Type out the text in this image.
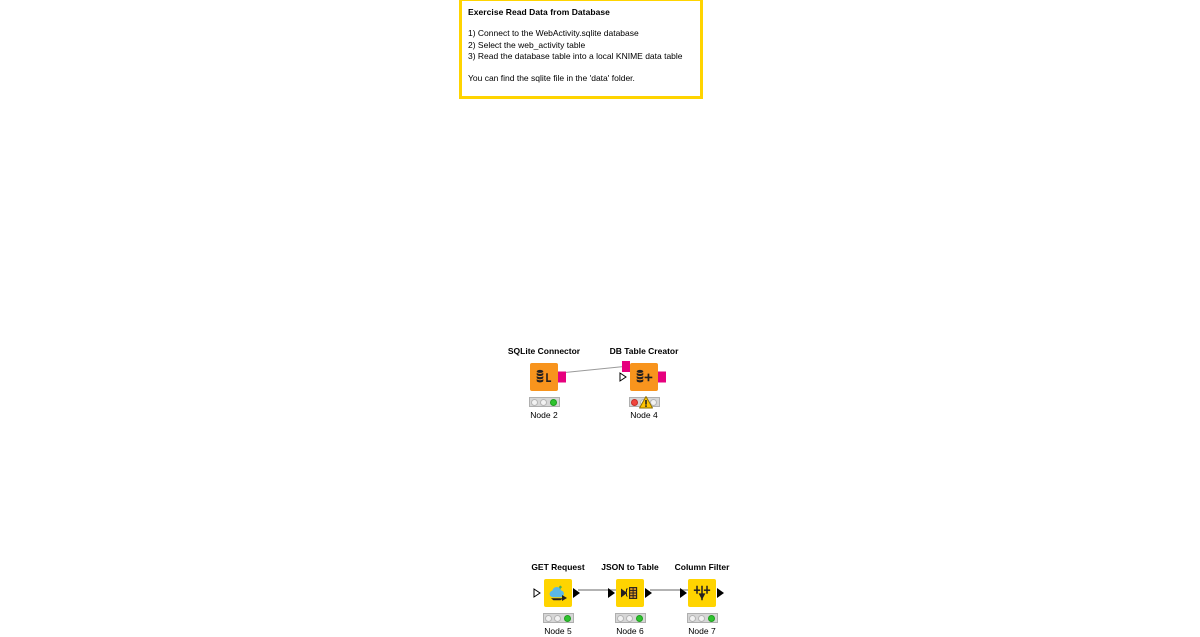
Exercise Read Data from Database
1) Connect to the WebActivity.sqlite database
2) Select the web_activity table
3) Read the database table into a local KNIME data table
You can find the sqlite file in the 'data' folder.
SQLite Connector
Node 2
DB Table Creator
Node 4
GET Request
Node 5
JSON to Table
Node 6
Column Filter
Node 7
